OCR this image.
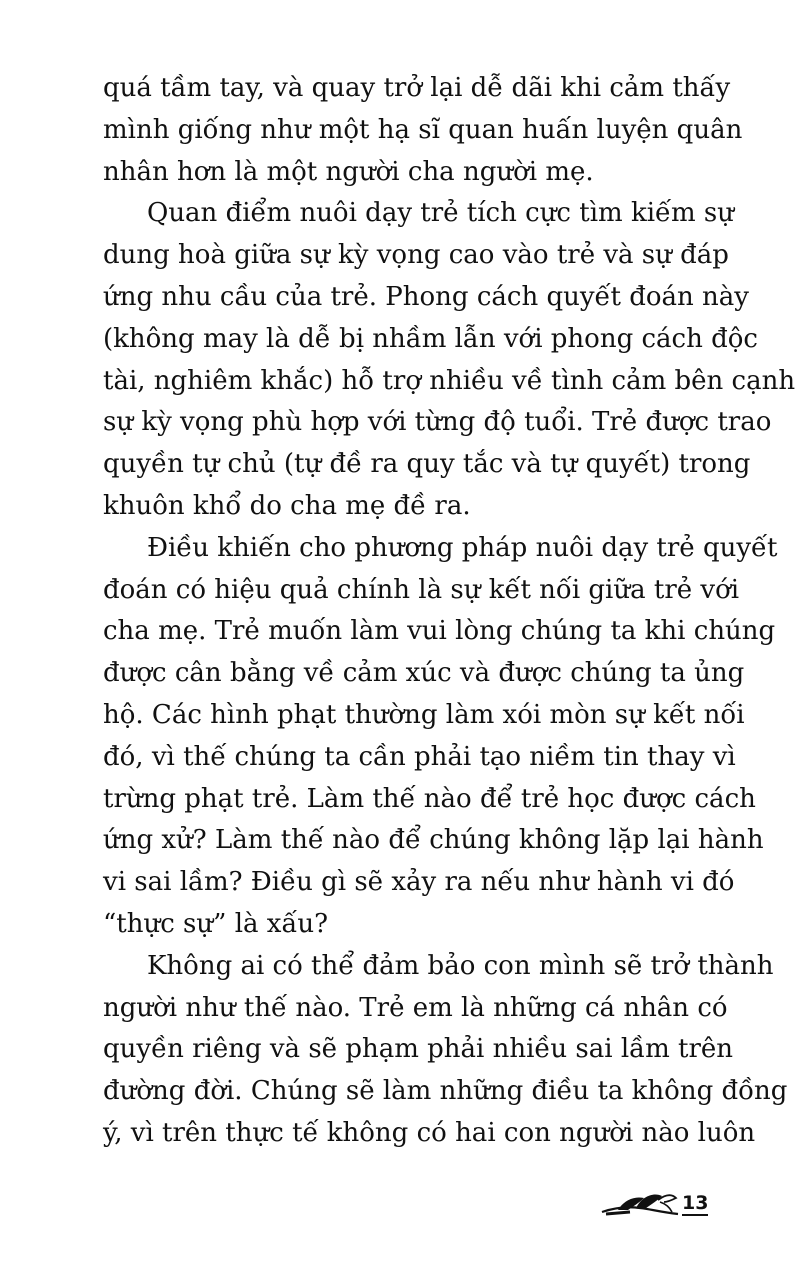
quá tầm tay, và quay trở lại dễ dãi khi cảm thấy
mình giống như một hạ sĩ quan huấn luyện quân
nhân hơn là một người cha người mẹ.
Quan điểm nuôi dạy trẻ tích cực tìm kiếm sự
dung hoà giữa sự kỳ vọng cao vào trẻ và sự đáp
ứng nhu cầu của trẻ. Phong cách quyết đoán này
(không may là dễ bị nhầm lẫn với phong cách độc
tài, nghiêm khắc) hỗ trợ nhiều về tình cảm bên cạnh
sự kỳ vọng phù hợp với từng độ tuổi. Trẻ được trao
quyền tự chủ (tự đề ra quy tắc và tự quyết) trong
khuôn khổ do cha mẹ đề ra.
Điều khiến cho phương pháp nuôi dạy trẻ quyết
đoán có hiệu quả chính là sự kết nối giữa trẻ với
cha mẹ. Trẻ muốn làm vui lòng chúng ta khi chúng
được cân bằng về cảm xúc và được chúng ta ủng
hộ. Các hình phạt thường làm xói mòn sự kết nối
đó, vì thế chúng ta cần phải tạo niềm tin thay vì
trừng phạt trẻ. Làm thế nào để trẻ học được cách
ứng xử? Làm thế nào để chúng không lặp lại hành
vi sai lầm? Điều gì sẽ xảy ra nếu như hành vi đó
“thực sự” là xấu?
Không ai có thể đảm bảo con mình sẽ trở thành
người như thế nào. Trẻ em là những cá nhân có
quyền riêng và sẽ phạm phải nhiều sai lầm trên
đường đời. Chúng sẽ làm những điều ta không đồng
ý, vì trên thực tế không có hai con người nào luôn
13
